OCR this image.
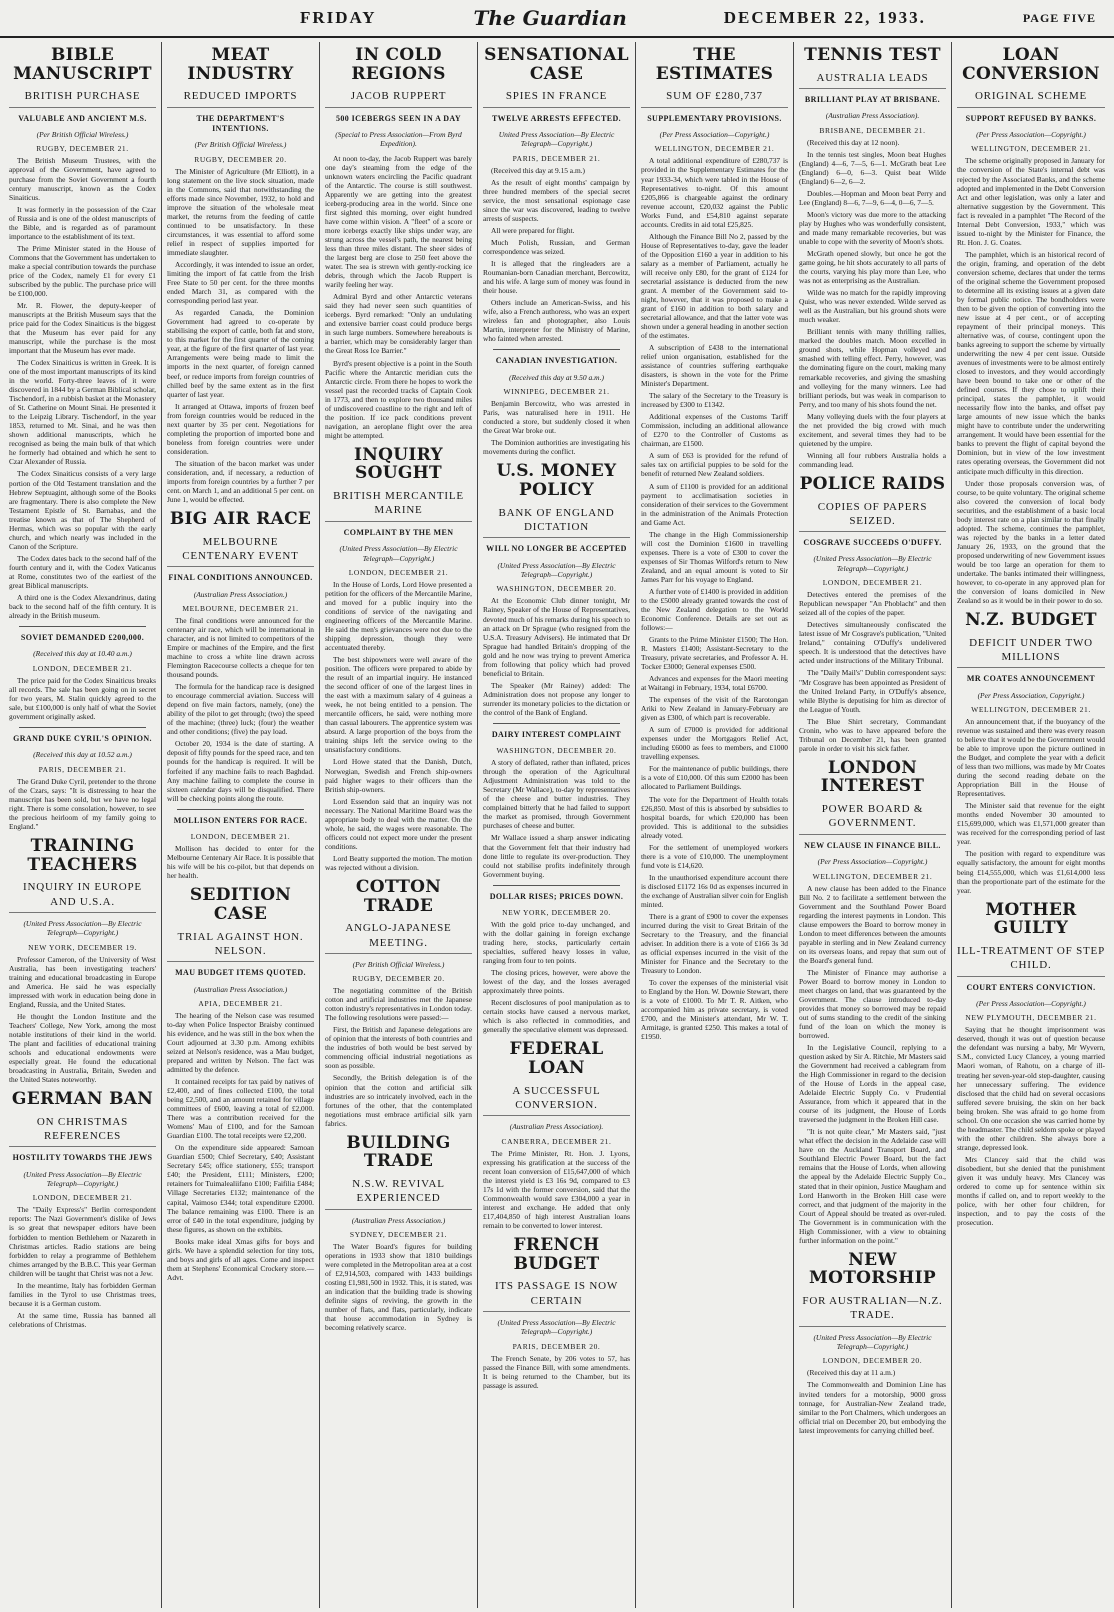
FRIDAY	The Guardian	DECEMBER 22, 1933.	PAGE FIVE
BIBLE MANUSCRIPT
BRITISH PURCHASE
VALUABLE AND ANCIENT M.S.
(Per British Official Wireless.)
RUGBY, DECEMBER 21.

The British Museum Trustees, with the approval of the Government, have agreed to purchase from the Soviet Government a fourth century manuscript, known as the Codex Sinaiticus.

It was formerly in the possession of the Czar of Russia and is one of the oldest manuscripts of the Bible, and is regarded as of paramount importance to the establishment of its text.

The Prime Minister stated in the House of Commons that the Government has undertaken to make a special contribution towards the purchase price of the Codex, namely £1 for every £1 subscribed by the public. The purchase price will be £100,000.

Mr. R. Flower, the deputy-keeper of manuscripts at the British Museum says that the price paid for the Codex Sinaiticus is the biggest that the Museum has ever paid for any manuscript, while the purchase is the most important that the Museum has ever made.

The Codex Sinaiticus is written in Greek. It is one of the most important manuscripts of its kind in the world. Forty-three leaves of it were discovered in 1844 by a German Biblical scholar, Tischendorf, in a rubbish basket at the Monastery of St. Catherine on Mount Sinai. He presented it to the Leipzig Library. Tischendorf, in the year 1853, returned to Mt. Sinai, and he was then shown additional manuscripts, which he recognised as being the main bulk of that which he formerly had obtained and which he sent to Czar Alexander of Russia.

The Codex Sinaiticus consists of a very large portion of the Old Testament translation and the Hebrew Septuagint, although some of the Books are fragmentary. There is also complete the New Testament Epistle of St. Barnabas, and the treatise known as that of The Shepherd of Hermas, which was so popular with the early church, and which nearly was included in the Canon of the Scripture.

The Codex dates back to the second half of the fourth century and it, with the Codex Vaticanus at Rome, constitutes two of the earliest of the great Biblical manuscripts.

A third one is the Codex Alexandrinus, dating back to the second half of the fifth century. It is already in the British museum.

SOVIET DEMANDED £200,000.
(Received this day at 10.40 a.m.)
LONDON, DECEMBER 21.

The price paid for the Codex Sinaiticus breaks all records. The sale has been going on in secret for two years, M. Stalin quickly agreed to the sale, but £100,000 is only half of what the Soviet government originally asked.

GRAND DUKE CYRIL'S OPINION.
(Received this day at 10.52 a.m.)
PARIS, DECEMBER 21.

The Grand Duke Cyril, pretender to the throne of the Czars, says: "It is distressing to hear the manuscript has been sold, but we have no legal right. There is some consolation, however, to see the precious heirloom of my family going to England."

TRAINING TEACHERS
INQUIRY IN EUROPE AND U.S.A.
(United Press Association—By Electric Telegraph—Copyright.)
NEW YORK, DECEMBER 19.

Professor Cameron, of the University of West Australia, has been investigating teachers' training and educational broadcasting in Europe and America. He said he was especially impressed with work in education being done in England, Russia, and the United States.

He thought the London Institute and the Teachers' College, New York, among the most notable institutions of their kind in the world. The plant and facilities of educational training schools and educational endowments were especially great. He found the educational broadcasting in Australia, Britain, Sweden and the United States noteworthy.

GERMAN BAN
ON CHRISTMAS REFERENCES
HOSTILITY TOWARDS THE JEWS
(United Press Association—By Electric Telegraph—Copyright.)
LONDON, DECEMBER 21.

The "Daily Express's" Berlin correspondent reports: The Nazi Government's dislike of Jews is so great that newspaper editors have been forbidden to mention Bethlehem or Nazareth in Christmas articles. Radio stations are being forbidden to relay a programme of Bethlehem chimes arranged by the B.B.C. This year German children will be taught that Christ was not a Jew.

In the meantime, Italy has forbidden German families in the Tyrol to use Christmas trees, because it is a German custom.

At the same time, Russia has banned all celebrations of Christmas.

MEAT INDUSTRY
REDUCED IMPORTS
THE DEPARTMENT'S INTENTIONS.
(Per British Official Wireless.)
RUGBY, DECEMBER 20.

The Minister of Agriculture (Mr Elliott), in a long statement on the live stock situation, made in the Commons, said that notwithstanding the efforts made since November, 1932, to hold and improve the situation of the wholesale meat market, the returns from the feeding of cattle continued to be unsatisfactory. In these circumstances, it was essential to afford some relief in respect of supplies imported for immediate slaughter.

Accordingly, it was intended to issue an order, limiting the import of fat cattle from the Irish Free State to 50 per cent. for the three months ended March 31, as compared with the corresponding period last year.

As regarded Canada, the Dominion Government had agreed to co-operate by stabilising the export of cattle, both fat and store, to this market for the first quarter of the coming year, at the figure of the first quarter of last year. Arrangements were being made to limit the imports in the next quarter, of foreign canned beef, or reduce imports from foreign countries of chilled beef by the same extent as in the first quarter of last year.

It arranged at Ottawa, imports of frozen beef from foreign countries would be reduced in the next quarter by 35 per cent. Negotiations for completing the proportion of imported bone and boneless from foreign countries were under consideration.

The situation of the bacon market was under consideration, and, if necessary, a reduction of imports from foreign countries by a further 7 per cent. on March 1, and an additional 5 per cent. on June 1, would be effected.

BIG AIR RACE
MELBOURNE CENTENARY EVENT
FINAL CONDITIONS ANNOUNCED.
(Australian Press Association.)
MELBOURNE, DECEMBER 21.

The final conditions were announced for the centenary air race, which will be international in character, and is not limited to competitors of the Empire or machines of the Empire, and the first machine to cross a white line drawn across Flemington Racecourse collects a cheque for ten thousand pounds.

The formula for the handicap race is designed to encourage commercial aviation. Success will depend on five main factors, namely, (one) the ability of the pilot to get through; (two) the speed of the machine; (three) luck; (four) the weather and other conditions; (five) the pay load.

October 20, 1934 is the date of starting. A deposit of fifty pounds for the speed race, and ten pounds for the handicap is required. It will be forfeited if any machine fails to reach Baghdad. Any machine failing to complete the course in sixteen calendar days will be disqualified. There will be checking points along the route.

MOLLISON ENTERS FOR RACE.
LONDON, DECEMBER 21.

Mollison has decided to enter for the Melbourne Centenary Air Race. It is possible that his wife will be his co-pilot, but that depends on her health.

SEDITION CASE
TRIAL AGAINST HON. NELSON.
MAU BUDGET ITEMS QUOTED.
(Australian Press Association.)
APIA, DECEMBER 21.

The hearing of the Nelson case was resumed to-day when Police Inspector Braisby continued his evidence, and he was still in the box when the Court adjourned at 3.30 p.m. Among exhibits seized at Nelson's residence, was a Mau budget, prepared and written by Nelson. The fact was admitted by the defence.

It contained receipts for tax paid by natives of £2,400, and of fines collected £100, the total being £2,500, and an amount retained for village committees of £600, leaving a total of £2,000. There was a contribution received for the Womens' Mau of £100, and for the Samoan Guardian £100. The total receipts were £2,200.

On the expenditure side appeared: Samoan Guardian £500; Chief Secretary, £40; Assistant Secretary £45; office stationery, £55; transport £40; the President, £111; Ministers, £200; retainers for Tuimalealiifano £100; Faifilia £484; Village Secretaries £132; maintenance of the capital, Vaimoso £344; total expenditure £2000. The balance remaining was £100. There is an error of £40 in the total expenditure, judging by these figures, as shown on the exhibits.

Books make ideal Xmas gifts for boys and girls. We have a splendid selection for tiny tots, and boys and girls of all ages. Come and inspect them at Stephens' Economical Crockery store.—Advt.

IN COLD REGIONS
JACOB RUPPERT
500 ICEBERGS SEEN IN A DAY
(Special to Press Association—From Byrd Expedition).

At noon to-day, the Jacob Ruppert was barely one day's steaming from the edge of the unknown waters encircling the Pacific quadrant of the Antarctic. The course is still southwest. Apparently we are getting into the greatest iceberg-producing area in the world. Since one first sighted this morning, over eight hundred have come within vision. A "fleet" of a score or more icebergs exactly like ships under way, are strung across the vessel's path, the nearest being less than three miles distant. The sheer sides of the largest berg are close to 250 feet above the water. The sea is strewn with gently-rocking ice debris, through which the Jacob Ruppert is warily feeling her way.

Admiral Byrd and other Antarctic veterans said they had never seen such quantities of icebergs. Byrd remarked: "Only an undulating and extensive barrier coast could produce bergs in such large numbers. Somewhere hereabouts is a barrier, which may be considerably larger than the Great Ross Ice Barrier."

Byrd's present objective is a point in the South Pacific where the Antarctic meridian cuts the Antarctic circle. From there he hopes to work the vessel past the recorded tracks of Captain Cook in 1773, and then to explore two thousand miles of undiscovered coastline to the right and left of the position. If ice pack conditions prevent navigation, an aeroplane flight over the area might be attempted.

INQUIRY SOUGHT
BRITISH MERCANTILE MARINE
COMPLAINT BY THE MEN
(United Press Association—By Electric Telegraph—Copyright.)
LONDON, DECEMBER 21.

In the House of Lords, Lord Howe presented a petition for the officers of the Mercantile Marine, and moved for a public inquiry into the conditions of service of the navigating and engineering officers of the Mercantile Marine. He said the men's grievances were not due to the shipping depression, though they were accentuated thereby.

The best shipowners were well aware of the position. The officers were prepared to abide by the result of an impartial inquiry. He instanced the second officer of one of the largest lines in the east with a maximum salary of 4 guineas a week, he not being entitled to a pension. The mercantile officers, he said, were nothing more than casual labourers. The apprentice system was absurd. A large proportion of the boys from the training ships left the service owing to the unsatisfactory conditions.

Lord Howe stated that the Danish, Dutch, Norwegian, Swedish and French ship-owners paid higher wages to their officers than the British ship-owners.

Lord Essendon said that an inquiry was not necessary. The National Maritime Board was the appropriate body to deal with the matter. On the whole, he said, the wages were reasonable. The officers could not expect more under the present conditions.

Lord Beatty supported the motion. The motion was rejected without a division.

COTTON TRADE
ANGLO-JAPANESE MEETING.
(Per British Official Wireless.)
RUGBY, DECEMBER 20.

The negotiating committee of the British cotton and artificial industries met the Japanese cotton industry's representatives in London today. The following resolutions were passed:—

First, the British and Japanese delegations are of opinion that the interests of both countries and the industries of both would be best served by commencing official industrial negotiations as soon as possible.

Secondly, the British delegation is of the opinion that the cotton and artificial silk industries are so intricately involved, each in the fortunes of the other, that the contemplated negotiations must embrace artificial silk yarn fabrics.

BUILDING TRADE
N.S.W. REVIVAL EXPERIENCED
(Australian Press Association.)
SYDNEY, DECEMBER 21.

The Water Board's figures for building operations in 1933 show that 1810 buildings were completed in the Metropolitan area at a cost of £2,914,503, compared with 1433 buildings costing £1,981,500 in 1932. This, it is stated, was an indication that the building trade is showing definite signs of reviving, the growth in the number of flats, and flats, particularly, indicate that house accommodation in Sydney is becoming relatively scarce.

SENSATIONAL CASE
SPIES IN FRANCE
TWELVE ARRESTS EFFECTED.
United Press Association—By Electric Telegraph—Copyright.)
PARIS, DECEMBER 21.

(Received this day at 9.15 a.m.)

As the result of eight months' campaign by three hundred members of the special secret service, the most sensational espionage case since the war was discovered, leading to twelve arrests of suspects.

All were prepared for flight.

Much Polish, Russian, and German correspondence was seized.

It is alleged that the ringleaders are a Roumanian-born Canadian merchant, Bercowitz, and his wife. A large sum of money was found in their house.

Others include an American-Swiss, and his wife, also a French authoress, who was an expert wireless fan and photographer, also Louis Martin, interpreter for the Ministry of Marine, who fainted when arrested.

CANADIAN INVESTIGATION.
(Received this day at 9.50 a.m.)
WINNIPEG, DECEMBER 21.

Benjamin Bercowitz, who was arrested in Paris, was naturalised here in 1911. He conducted a store, but suddenly closed it when the Great War broke out.

The Dominion authorities are investigating his movements during the conflict.

U.S. MONEY POLICY
BANK OF ENGLAND DICTATION
WILL NO LONGER BE ACCEPTED
(United Press Association—By Electric Telegraph—Copyright.)
WASHINGTON, DECEMBER 20.

At the Economic Club dinner tonight, Mr Rainey, Speaker of the House of Representatives, devoted much of his remarks during his speech to an attack on Dr Sprague (who resigned from the U.S.A. Treasury Advisers). He intimated that Dr Sprague had handled Britain's dropping of the gold and he now was trying to prevent America from following that policy which had proved beneficial to Britain.

The Speaker (Mr Rainey) added: The Administration does not propose any longer to surrender its monetary policies to the dictation or the control of the Bank of England.

DAIRY INTEREST COMPLAINT
WASHINGTON, DECEMBER 20.

A story of deflated, rather than inflated, prices through the operation of the Agricultural Adjustment Administration was told to the Secretary (Mr Wallace), to-day by representatives of the cheese and butter industries. They complained bitterly that he had failed to support the market as promised, through Government purchases of cheese and butter.

Mr Wallace issued a sharp answer indicating that the Government felt that their industry had done little to regulate its over-production. They could not stabilise profits indefinitely through Government buying.

DOLLAR RISES; PRICES DOWN.
NEW YORK, DECEMBER 20.

With the gold price to-day unchanged, and with the dollar gaining in foreign exchange trading here, stocks, particularly certain specialties, suffered heavy losses in value, ranging from four to ten points.

The closing prices, however, were above the lowest of the day, and the losses averaged approximately three points.

Recent disclosures of pool manipulation as to certain stocks have caused a nervous market, which is also reflected in commodities, and generally the speculative element was depressed.

FEDERAL LOAN
A SUCCESSFUL CONVERSION.
(Australian Press Association).
CANBERRA, DECEMBER 21.

The Prime Minister, Rt. Hon. J. Lyons, expressing his gratification at the success of the recent loan conversion of £15,647,000 of which the interest yield is £3 16s 9d, compared to £3 17s 1d with the former conversion, said that the Commonwealth would save £304,000 a year in interest and exchange. He added that only £17,404,850 of high interest Australian loans remain to be converted to lower interest.

FRENCH BUDGET
ITS PASSAGE IS NOW CERTAIN
(United Press Association—By Electric Telegraph—Copyright.)
PARIS, DECEMBER 20.

The French Senate, by 206 votes to 57, has passed the Finance Bill, with some amendments. It is being returned to the Chamber, but its passage is assured.

THE ESTIMATES
SUM OF £280,737
SUPPLEMENTARY PROVISIONS.
(Per Press Association—Copyright.)
WELLINGTON, DECEMBER 21.

A total additional expenditure of £280,737 is provided in the Supplementary Estimates for the year 1933-34, which were tabled in the House of Representatives to-night. Of this amount £205,866 is chargeable against the ordinary revenue account, £20,032 against the Public Works Fund, and £54,810 against separate accounts. Credits in aid total £25,825.

Although the Finance Bill No 2, passed by the House of Representatives to-day, gave the leader of the Opposition £160 a year in addition to his salary as a member of Parliament, actually he will receive only £80, for the grant of £124 for secretarial assistance is deducted from the new grant. A member of the Government said to-night, however, that it was proposed to make a grant of £160 in addition to both salary and secretarial allowance, and that the latter vote was shown under a general heading in another section of the estimates.

A subscription of £438 to the international relief union organisation, established for the assistance of countries suffering earthquake disasters, is shown in the vote for the Prime Minister's Department.

The salary of the Secretary to the Treasury is increased by £300 to £1342.

Additional expenses of the Customs Tariff Commission, including an additional allowance of £270 to the Controller of Customs as chairman, are £1500.

A sum of £63 is provided for the refund of sales tax on artificial puppies to be sold for the benefit of returned New Zealand soldiers.

A sum of £1100 is provided for an additional payment to acclimatisation societies in consideration of their services to the Government in the administration of the Animals Protection and Game Act.

The change in the High Commissionership will cost the Dominion £1600 in travelling expenses. There is a vote of £300 to cover the expenses of Sir Thomas Wilford's return to New Zealand, and an equal amount is voted to Sir James Parr for his voyage to England.

A further vote of £1400 is provided in addition to the £5000 already granted towards the cost of the New Zealand delegation to the World Economic Conference. Details are set out as follows:—

Grants to the Prime Minister £1500; The Hon. R. Masters £1400; Assistant-Secretary to the Treasury, private secretaries, and Professor A. H. Tocker £3000; General expenses £500.

Advances and expenses for the Maori meeting at Waitangi in February, 1934, total £6700.

The expenses of the visit of the Rarotongan Ariki to New Zealand in January-February are given as £300, of which part is recoverable.

A sum of £7000 is provided for additional expenses under the Mortgagors Relief Act, including £6000 as fees to members, and £1000 travelling expenses.

For the maintenance of public buildings, there is a vote of £10,000. Of this sum £2000 has been allocated to Parliament Buildings.

The vote for the Department of Health totals £26,850. Most of this is absorbed by subsidies to hospital boards, for which £20,000 has been provided. This is additional to the subsidies already voted.

For the settlement of unemployed workers there is a vote of £10,000. The unemployment fund vote is £14,620.

In the unauthorised expenditure account there is disclosed £1172 16s 0d as expenses incurred in the exchange of Australian silver coin for English minted.

There is a grant of £900 to cover the expenses incurred during the visit to Great Britain of the Secretary to the Treasury, and the financial adviser. In addition there is a vote of £166 3s 3d as official expenses incurred in the visit of the Minister for Finance and the Secretary to the Treasury to London.

To cover the expenses of the ministerial visit to England by the Hon. W. Downie Stewart, there is a vote of £1000. To Mr T. R. Aitken, who accompanied him as private secretary, is voted £700, and the Minister's attendant, Mr W. T. Armitage, is granted £250. This makes a total of £1950.

TENNIS TEST
AUSTRALIA LEADS
BRILLIANT PLAY AT BRISBANE.
(Australian Press Association).
BRISBANE, DECEMBER 21.

(Received this day at 12 noon).

In the tennis test singles, Moon beat Hughes (England) 4—6, 7—5, 6—1. McGrath beat Lee (England) 6—0, 6—3. Quist beat Wilde (England) 6—2, 6—2.

Doubles.—Hopman and Moon beat Perry and Lee (England) 8—6, 7—9, 6—4, 0—6, 7—5.

Moon's victory was due more to the attacking play by Hughes who was wonderfully consistent, and made many remarkable recoveries, but was unable to cope with the severity of Moon's shots.

McGrath opened slowly, but once he got the game going, he hit shots accurately to all parts of the courts, varying his play more than Lee, who was not as enterprising as the Australian.

Wilde was no match for the rapidly improving Quist, who was never extended. Wilde served as well as the Australian, but his ground shots were much weaker.

Brilliant tennis with many thrilling rallies, marked the doubles match. Moon excelled in ground shots, while Hopman volleyed and smashed with telling effect. Perry, however, was the dominating figure on the court, making many remarkable recoveries, and giving the smashing and volleying for the many winners. Lee had brilliant periods, but was weak in comparison to Perry, and too many of his shots found the net.

Many volleying duels with the four players at the net provided the big crowd with much excitement, and several times they had to be quietened by the umpire.

Winning all four rubbers Australia holds a commanding lead.

POLICE RAIDS
COPIES OF PAPERS SEIZED.
COSGRAVE SUCCEEDS O'DUFFY.
(United Press Association—By Electric Telegraph—Copyright.)
LONDON, DECEMBER 21.

Detectives entered the premises of the Republican newspaper "An Phoblacht" and then seized all of the copies of the paper.

Detectives simultaneously confiscated the latest issue of Mr Cosgrave's publication, "United Ireland," containing O'Duffy's undelivered speech. It is understood that the detectives have acted under instructions of the Military Tribunal.

The "Daily Mail's" Dublin correspondent says: "Mr Cosgrave has been appointed as President of the United Ireland Party, in O'Duffy's absence, while Blythe is deputising for him as director of the League of Youth.

The Blue Shirt secretary, Commandant Cronin, who was to have appeared before the Tribunal on December 21, has been granted parole in order to visit his sick father.

LONDON INTEREST
POWER BOARD & GOVERNMENT.
NEW CLAUSE IN FINANCE BILL.
(Per Press Association—Copyright.)
WELLINGTON, DECEMBER 21.

A new clause has been added to the Finance Bill No. 2 to facilitate a settlement between the Government and the Southland Power Board regarding the interest payments in London. This clause empowers the Board to borrow money in London to meet differences between the amounts payable in sterling and in New Zealand currency on its overseas loans, and repay that sum out of the Board's general fund.

The Minister of Finance may authorise a Power Board to borrow money in London to meet charges on land, that was guaranteed by the Government. The clause introduced to-day provides that money so borrowed may be repaid out of sums standing to the credit of the sinking fund of the loan on which the money is borrowed.

In the Legislative Council, replying to a question asked by Sir A. Ritchie, Mr Masters said the Government had received a cablegram from the High Commissioner in regard to the decision of the House of Lords in the appeal case, Adelaide Electric Supply Co. v Prudential Assurance, from which it appeared that in the course of its judgment, the House of Lords traversed the judgment in the Broken Hill case.

"It is not quite clear," Mr Masters said, "just what effect the decision in the Adelaide case will have on the Auckland Transport Board, and Southland Electric Power Board, but the fact remains that the House of Lords, when allowing the appeal by the Adelaide Electric Supply Co., stated that in their opinion, Justice Maugham and Lord Hanworth in the Broken Hill case were correct, and that judgment of the majority in the Court of Appeal should be treated as over-ruled. The Government is in communication with the High Commissioner, with a view to obtaining further information on the point."

NEW MOTORSHIP
FOR AUSTRALIAN—N.Z. TRADE.
(United Press Association—By Electric Telegraph—Copyright.)
LONDON, DECEMBER 20.

(Received this day at 11 a.m.)

The Commonwealth and Dominion Line has invited tenders for a motorship, 9000 gross tonnage, for Australian-New Zealand trade, similar to the Port Chalmers, which undergoes an official trial on December 20, but embodying the latest improvements for carrying chilled beef.

LOAN CONVERSION
ORIGINAL SCHEME
SUPPORT REFUSED BY BANKS.
(Per Press Association—Copyright.)
WELLINGTON, DECEMBER 21.

The scheme originally proposed in January for the conversion of the State's internal debt was rejected by the Associated Banks, and the scheme adopted and implemented in the Debt Conversion Act and other legislation, was only a later and alternative suggestion by the Government. This fact is revealed in a pamphlet "The Record of the Internal Debt Conversion, 1933," which was issued to-night by the Minister for Finance, the Rt. Hon. J. G. Coates.

The pamphlet, which is an historical record of the origin, framing, and operation of the debt conversion scheme, declares that under the terms of the original scheme the Government proposed to determine all its existing issues at a given date by formal public notice. The bondholders were then to be given the option of converting into the new issue at 4 per cent., or of accepting repayment of their principal moneys. This alternative was, of course, contingent upon the banks agreeing to support the scheme by virtually underwriting the new 4 per cent issue. Outside avenues of investments were to be almost entirely closed to investors, and they would accordingly have been bound to take one or other of the defined courses. If they chose to uplift their principal, states the pamphlet, it would necessarily flow into the banks, and offset pay large amounts of new issue which the banks might have to contribute under the underwriting arrangement. It would have been essential for the banks to prevent the flight of capital beyond the Dominion, but in view of the low investment rates operating overseas, the Government did not anticipate much difficulty in this direction.

Under those proposals conversion was, of course, to be quite voluntary. The original scheme also covered the conversion of local body securities, and the establishment of a basic local body interest rate on a plan similar to that finally adopted. The scheme, continues the pamphlet, was rejected by the banks in a letter dated January 26, 1933, on the ground that the proposed underwriting of new Government issues would be too large an operation for them to undertake. The banks intimated their willingness, however, to co-operate in any approved plan for the conversion of loans domiciled in New Zealand so as it would be in their power to do so.

N.Z. BUDGET
DEFICIT UNDER TWO MILLIONS
MR COATES ANNOUNCEMENT
(Per Press Association, Copyright.)
WELLINGTON, DECEMBER 21.

An announcement that, if the buoyancy of the revenue was sustained and there was every reason to believe that it would be the Government would be able to improve upon the picture outlined in the Budget, and complete the year with a deficit of less than two millions, was made by Mr Coates during the second reading debate on the Appropriation Bill in the House of Representatives.

The Minister said that revenue for the eight months ended November 30 amounted to £15,699,000, which was £1,571,000 greater than was received for the corresponding period of last year.

The position with regard to expenditure was equally satisfactory, the amount for eight months being £14,555,000, which was £1,614,000 less than the proportionate part of the estimate for the year.

MOTHER GUILTY
ILL-TREATMENT OF STEP CHILD.
COURT ENTERS CONVICTION.
(Per Press Association—Copyright.)
NEW PLYMOUTH, DECEMBER 21.

Saying that he thought imprisonment was deserved, though it was out of question because the defendant was nursing a baby, Mr Wyvern, S.M., convicted Lucy Clancey, a young married Maori woman, of Rahotu, on a charge of ill-treating her seven-year-old step-daughter, causing her unnecessary suffering. The evidence disclosed that the child had on several occasions suffered severe bruising, the skin on her back being broken. She was afraid to go home from school. On one occasion she was carried home by the headmaster. The child seldom spoke or played with the other children. She always bore a strange, depressed look.

Mrs Clancey said that the child was disobedient, but she denied that the punishment given it was unduly heavy. Mrs Clancey was ordered to come up for sentence within six months if called on, and to report weekly to the police, with her other four children, for inspection, and to pay the costs of the prosecution.
